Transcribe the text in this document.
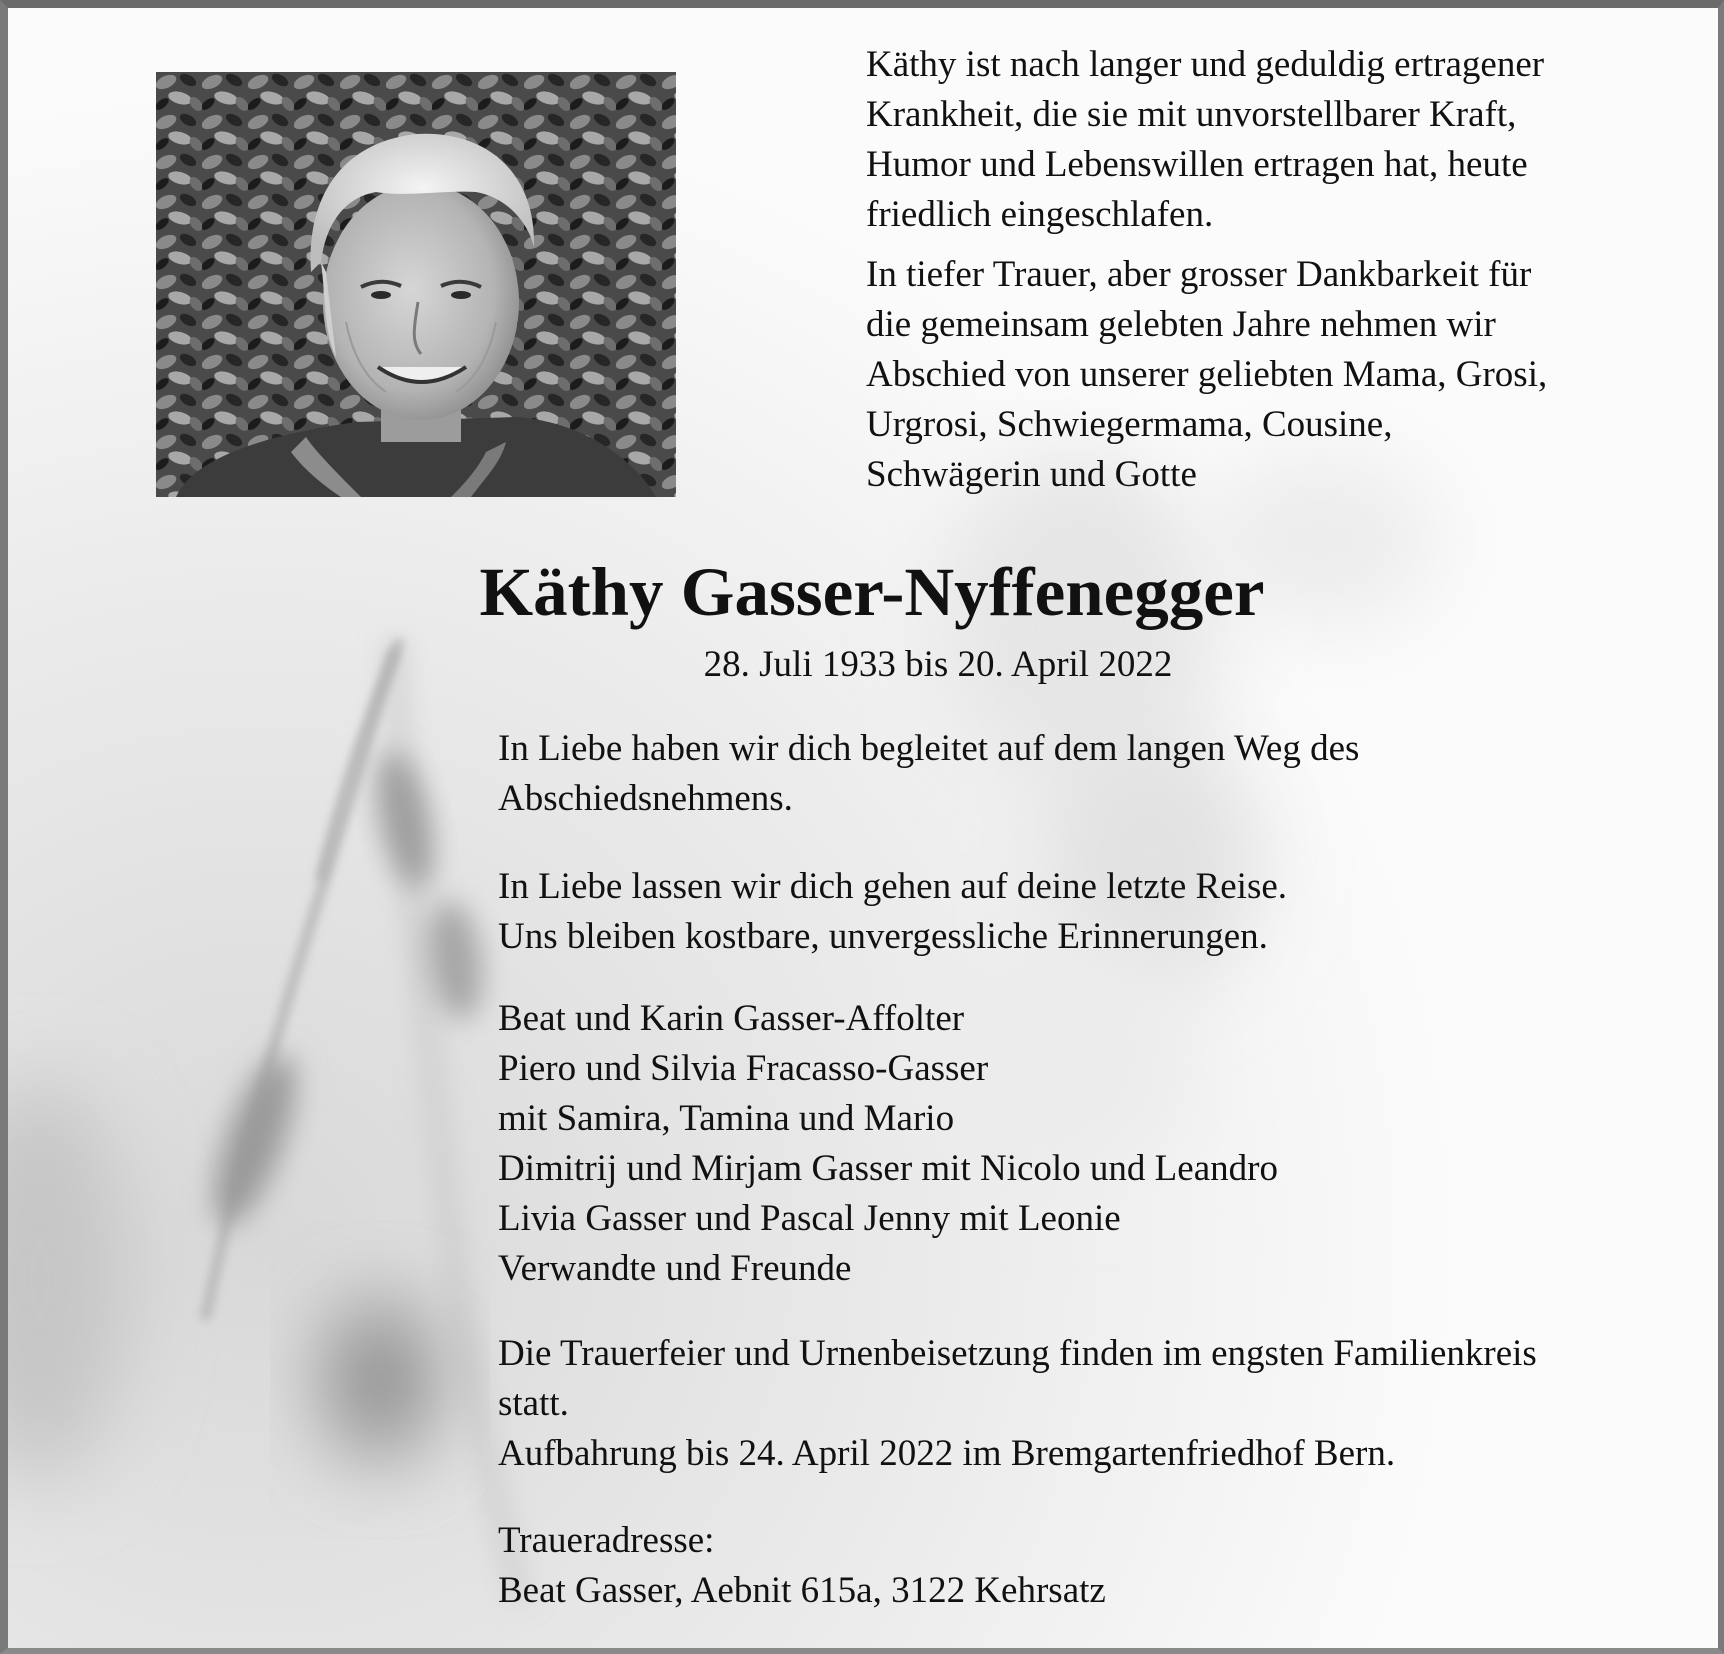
Käthy ist nach langer und geduldig ertragener
Krankheit, die sie mit unvorstellbarer Kraft,
Humor und Lebenswillen ertragen hat, heute
friedlich eingeschlafen.
In tiefer Trauer, aber grosser Dankbarkeit für
die gemeinsam gelebten Jahre nehmen wir
Abschied von unserer geliebten Mama, Grosi,
Urgrosi, Schwiegermama, Cousine,
Schwägerin und Gotte
Käthy Gasser-Nyffenegger

28. Juli 1933 bis 20. April 2022

In Liebe haben wir dich begleitet auf dem langen Weg des
Abschiedsnehmens.
In Liebe lassen wir dich gehen auf deine letzte Reise.
Uns bleiben kostbare, unvergessliche Erinnerungen.
Beat und Karin Gasser-Affolter
Piero und Silvia Fracasso-Gasser
mit Samira, Tamina und Mario
Dimitrij und Mirjam Gasser mit Nicolo und Leandro
Livia Gasser und Pascal Jenny mit Leonie
Verwandte und Freunde
Die Trauerfeier und Urnenbeisetzung finden im engsten Familienkreis
statt.
Aufbahrung bis 24. April 2022 im Bremgartenfriedhof Bern.
Traueradresse:
Beat Gasser, Aebnit 615a, 3122 Kehrsatz
